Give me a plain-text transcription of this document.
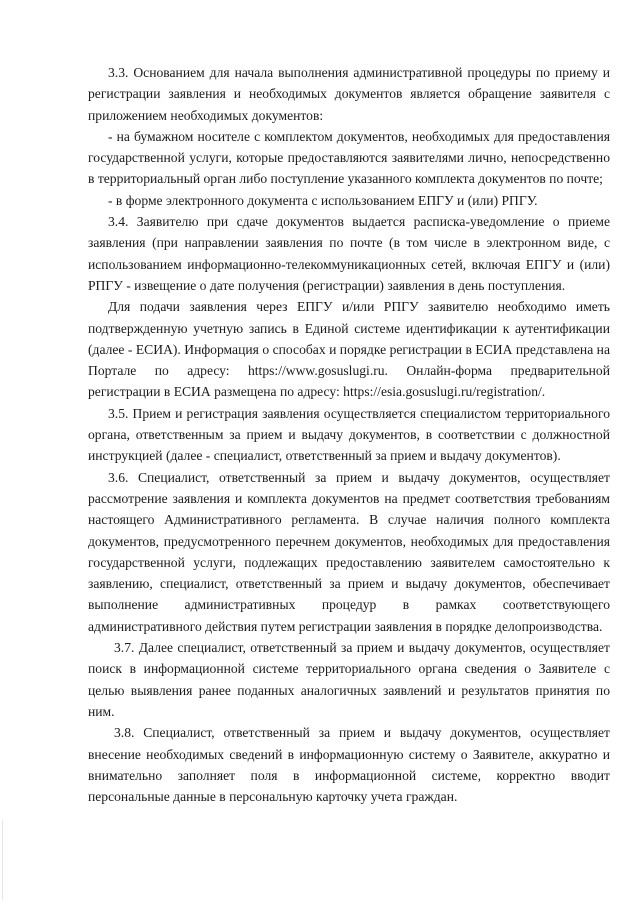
3.3. Основанием для начала выполнения административной процедуры по приему и регистрации заявления и необходимых документов является обращение заявителя с приложением необходимых документов:

- на бумажном носителе с комплектом документов, необходимых для предоставления государственной услуги, которые предоставляются заявителями лично, непосредственно в территориальный орган либо поступление указанного комплекта документов по почте;

- в форме электронного документа с использованием ЕПГУ и (или) РПГУ.

3.4. Заявителю при сдаче документов выдается расписка-уведомление о приеме заявления (при направлении заявления по почте (в том числе в электронном виде, с использованием информационно-телекоммуникационных сетей, включая ЕПГУ и (или) РПГУ - извещение о дате получения (регистрации) заявления в день поступления.

Для подачи заявления через ЕПГУ и/или РПГУ заявителю необходимо иметь подтвержденную учетную запись в Единой системе идентификации к аутентификации (далее - ЕСИА). Информация о способах и порядке регистрации в ЕСИА представлена на Портале по адресу: https://www.gosuslugi.ru. Онлайн-форма предварительной регистрации в ЕСИА размещена по адресу: https://esia.gosuslugi.ru/registration/.

3.5. Прием и регистрация заявления осуществляется специалистом территориального органа, ответственным за прием и выдачу документов, в соответствии с должностной инструкцией (далее - специалист, ответственный за прием и выдачу документов).

3.6. Специалист, ответственный за прием и выдачу документов, осуществляет рассмотрение заявления и комплекта документов на предмет соответствия требованиям настоящего Административного регламента. В случае наличия полного комплекта документов, предусмотренного перечнем документов, необходимых для предоставления государственной услуги, подлежащих предоставлению заявителем самостоятельно к заявлению, специалист, ответственный за прием и выдачу документов, обеспечивает выполнение административных процедур в рамках соответствующего административного действия путем регистрации заявления в порядке делопроизводства.

3.7. Далее специалист, ответственный за прием и выдачу документов, осуществляет поиск в информационной системе территориального органа сведения о Заявителе с целью выявления ранее поданных аналогичных заявлений и результатов принятия по ним.

3.8. Специалист, ответственный за прием и выдачу документов, осуществляет внесение необходимых сведений в информационную систему о Заявителе, аккуратно и внимательно заполняет поля в информационной системе, корректно вводит персональные данные в персональную карточку учета граждан.
